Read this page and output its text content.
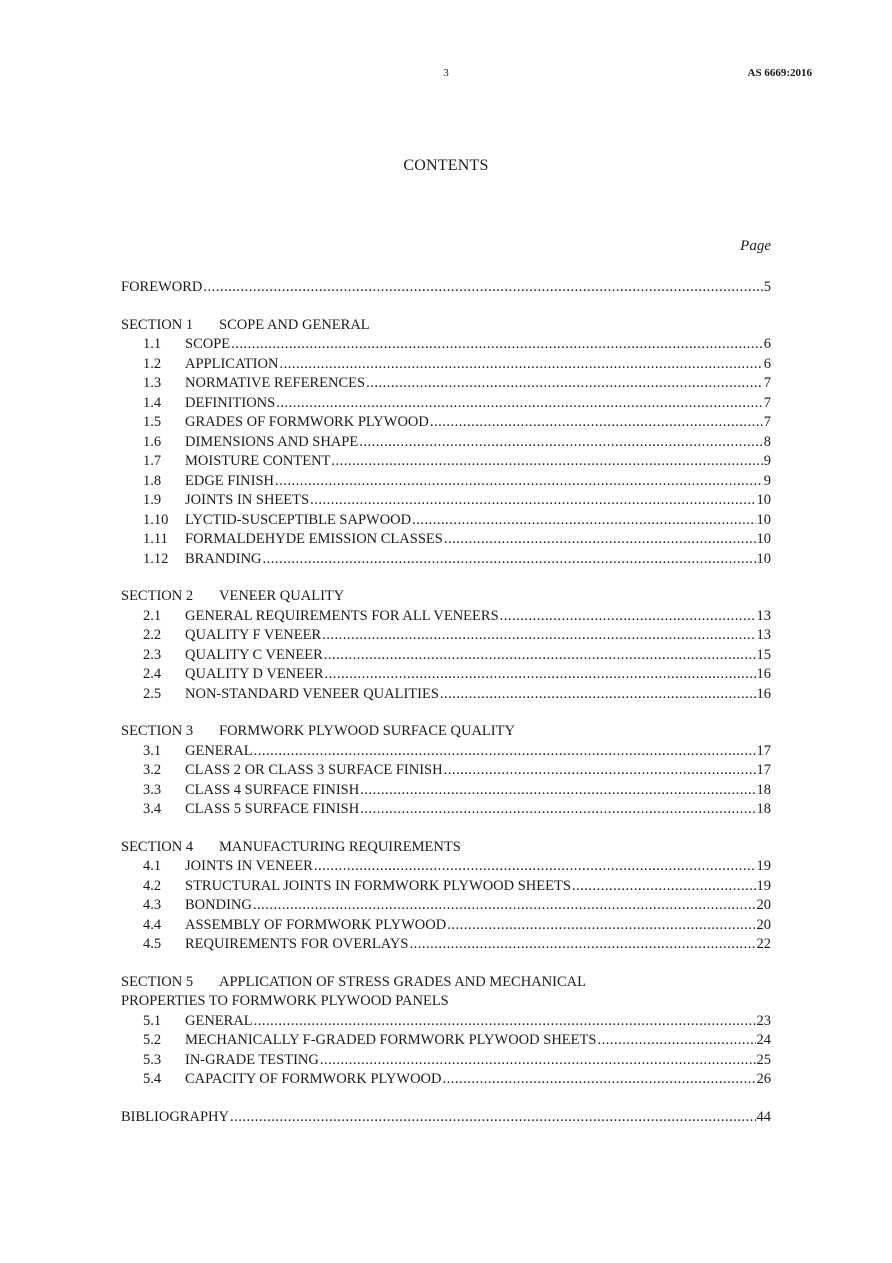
3	AS 6669:2016
CONTENTS
Page
FOREWORD .....	5
SECTION 1 SCOPE AND GENERAL
1.1	SCOPE .....	6
1.2	APPLICATION .....	6
1.3	NORMATIVE REFERENCES .....	7
1.4	DEFINITIONS .....	7
1.5	GRADES OF FORMWORK PLYWOOD .....	7
1.6	DIMENSIONS AND SHAPE .....	8
1.7	MOISTURE CONTENT .....	9
1.8	EDGE FINISH .....	9
1.9	JOINTS IN SHEETS .....	10
1.10	LYCTID-SUSCEPTIBLE SAPWOOD .....	10
1.11	FORMALDEHYDE EMISSION CLASSES .....	10
1.12	BRANDING .....	10
SECTION 2 VENEER QUALITY
2.1	GENERAL REQUIREMENTS FOR ALL VENEERS .....	13
2.2	QUALITY F VENEER .....	13
2.3	QUALITY C VENEER .....	15
2.4	QUALITY D VENEER .....	16
2.5	NON-STANDARD VENEER QUALITIES .....	16
SECTION 3 FORMWORK PLYWOOD SURFACE QUALITY
3.1	GENERAL .....	17
3.2	CLASS 2 OR CLASS 3 SURFACE FINISH .....	17
3.3	CLASS 4 SURFACE FINISH .....	18
3.4	CLASS 5 SURFACE FINISH .....	18
SECTION 4 MANUFACTURING REQUIREMENTS
4.1	JOINTS IN VENEER .....	19
4.2	STRUCTURAL JOINTS IN FORMWORK PLYWOOD SHEETS .....	19
4.3	BONDING .....	20
4.4	ASSEMBLY OF FORMWORK PLYWOOD .....	20
4.5	REQUIREMENTS FOR OVERLAYS .....	22
SECTION 5 APPLICATION OF STRESS GRADES AND MECHANICAL
PROPERTIES TO FORMWORK PLYWOOD PANELS
5.1	GENERAL .....	23
5.2	MECHANICALLY F-GRADED FORMWORK PLYWOOD SHEETS .....	24
5.3	IN-GRADE TESTING .....	25
5.4	CAPACITY OF FORMWORK PLYWOOD .....	26
BIBLIOGRAPHY .....	44
